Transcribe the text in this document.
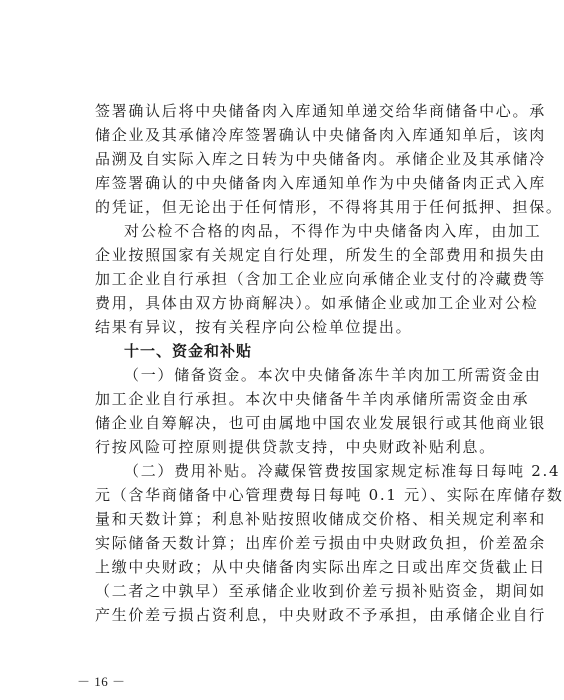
签署确认后将中央储备肉入库通知单递交给华商储备中心。承
储企业及其承储冷库签署确认中央储备肉入库通知单后，该肉
品溯及自实际入库之日转为中央储备肉。承储企业及其承储冷
库签署确认的中央储备肉入库通知单作为中央储备肉正式入库
的凭证，但无论出于任何情形，不得将其用于任何抵押、担保。
对公检不合格的肉品，不得作为中央储备肉入库，由加工
企业按照国家有关规定自行处理，所发生的全部费用和损失由
加工企业自行承担（含加工企业应向承储企业支付的冷藏费等
费用，具体由双方协商解决）。如承储企业或加工企业对公检
结果有异议，按有关程序向公检单位提出。
十一、资金和补贴
（一）储备资金。本次中央储备冻牛羊肉加工所需资金由
加工企业自行承担。本次中央储备牛羊肉承储所需资金由承
储企业自筹解决，也可由属地中国农业发展银行或其他商业银
行按风险可控原则提供贷款支持，中央财政补贴利息。
（二）费用补贴。冷藏保管费按国家规定标准每日每吨 2.4
元（含华商储备中心管理费每日每吨 0.1 元）、实际在库储存数
量和天数计算；利息补贴按照收储成交价格、相关规定利率和
实际储备天数计算；出库价差亏损由中央财政负担，价差盈余
上缴中央财政；从中央储备肉实际出库之日或出库交货截止日
（二者之中孰早）至承储企业收到价差亏损补贴资金，期间如
产生价差亏损占资利息，中央财政不予承担，由承储企业自行
－ 16 －
